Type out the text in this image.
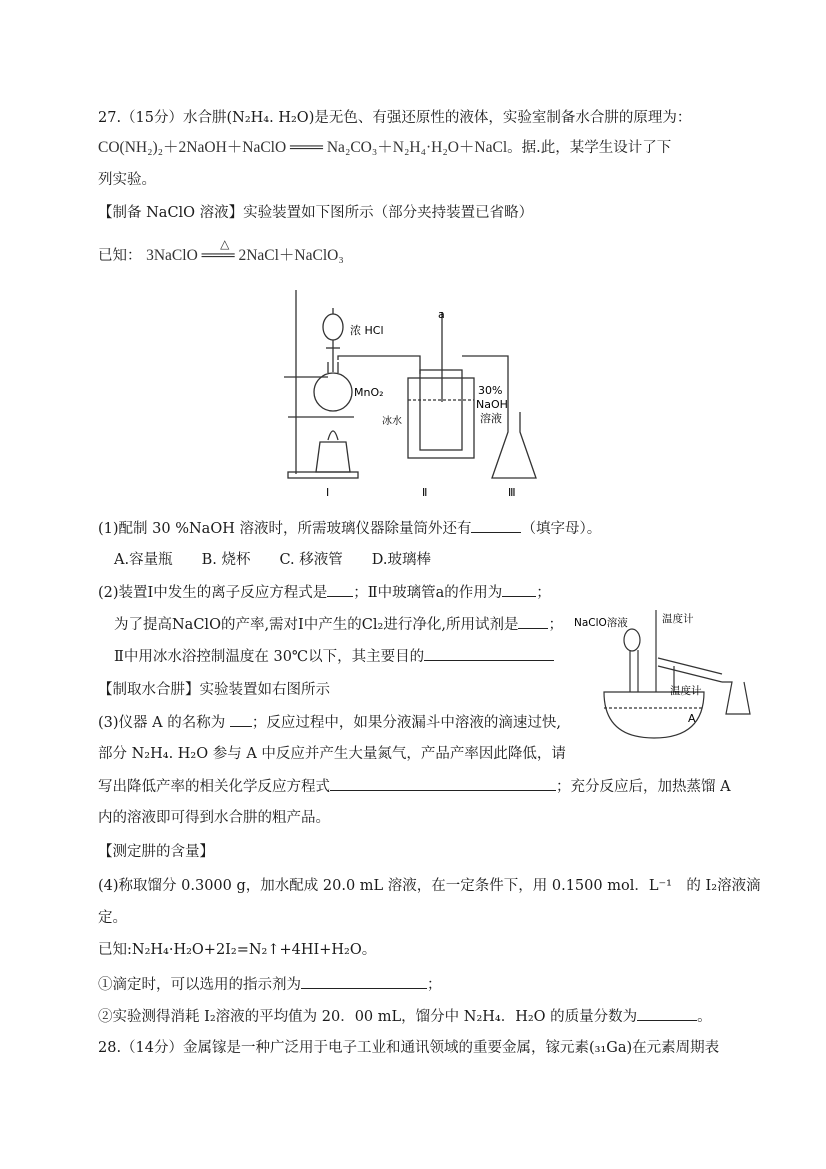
27.（15分）水合肼(N₂H₄. H₂O)是无色、有强还原性的液体，实验室制备水合肼的原理为：
CO(NH₂)₂＋2NaOH＋NaClO ═══ Na₂CO₃＋N₂H₄·H₂O＋NaCl。据.此，某学生设计了下
列实验。
【制备 NaClO 溶液】实验装置如下图所示（部分夹持装置已省略）
已知： 3NaClO ═══ 2NaCl＋NaClO₃
△
浓 HCl
MnO₂
a
30%
NaOH
溶液
冰水
Ⅰ	Ⅱ	Ⅲ
(1)配制 30 %NaOH 溶液时，所需玻璃仪器除量筒外还有	（填字母）。
A.容量瓶　　B. 烧杯　　C. 移液管　　D.玻璃棒
(2)装置Ⅰ中发生的离子反应方程式是 ；Ⅱ中玻璃管a的作用为 ；
为了提高NaClO的产率,需对Ⅰ中产生的Cl₂进行净化,所用试剂是 ；
Ⅱ中用冰水浴控制温度在 30℃以下，其主要目的
【制取水合肼】实验装置如右图所示
(3)仪器 A 的名称为 ；反应过程中，如果分液漏斗中溶液的滴速过快,
部分 N₂H₄. H₂O 参与 A 中反应并产生大量氮气，产品产率因此降低，请
写出降低产率的相关化学反应方程式	；充分反应后，加热蒸馏 A
内的溶液即可得到水合肼的粗产品。
NaClO溶液	温度计
温度计
A
【测定肼的含量】
(4)称取馏分 0.3000 g，加水配成 20.0 mL 溶液，在一定条件下，用 0.1500 mol．L⁻¹　的 I₂溶液滴
定。
已知:N₂H₄·H₂O+2I₂=N₂↑+4HI+H₂O。
①滴定时，可以选用的指示剂为	；
②实验测得消耗 I₂溶液的平均值为 20．00 mL，馏分中 N₂H₄．H₂O 的质量分数为	。
28.（14分）金属镓是一种广泛用于电子工业和通讯领域的重要金属，镓元素(₃₁Ga)在元素周期表
